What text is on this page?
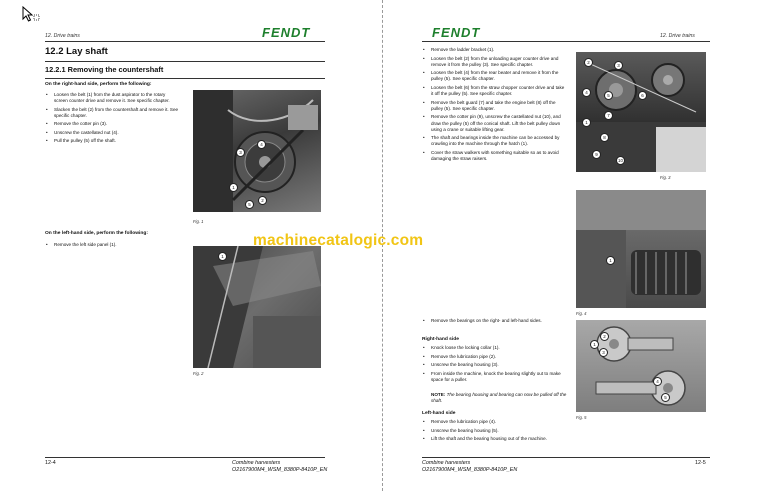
12. Drive trains	FENDT
12.2 Lay shaft
12.2.1 Removing the countershaft
On the right-hand side, perform the following:
• Loosen the belt (1) from the dust aspirator to the rotary screen counter drive and remove it. See specific chapter.
• Slacken the belt (2) from the countershaft and remove it. See specific chapter.
• Remove the cotter pin (3).
• Unscrew the castellated nut (4).
• Pull the pulley (5) off the shaft.
3
4
1
5
2
Fig. 1
On the left-hand side, perform the following:
• Remove the left side panel (1).
1
Fig. 2
12-4	Combine harvesters
O2167900M4_WSM_8380P-8410P_EN
FENDT	12. Drive trains
• Remove the ladder bracket (1).
• Loosen the belt (2) from the unloading auger counter drive and remove it from the pulley (3). See specific chapter.
• Loosen the belt (4) from the rear beater and remove it from the pulley (5). See specific chapter.
• Loosen the belt (6) from the straw chopper counter drive and take it off the pulley (5). See specific chapter.
• Remove the belt guard (7) and take the engine belt (8) off the pulley (5). See specific chapter.
• Remove the cotter pin (9), unscrew the castellated nut (10), and draw the pulley (5) off the conical shaft. Lift the belt pulley down using a crane or suitable lifting gear.
• The shaft and bearings inside the machine can be accessed by crawling into the machine through the hatch (1).
• Cover the straw walkers with something suitable so as to avoid damaging the straw raisers.
2
3
4
5	6
1
7
8
9
10
Fig. 3
1
Fig. 4
• Remove the bearings on the right- and left-hand sides.
Right-hand side
• Knock loose the locking collar (1).
• Remove the lubrication pipe (2).
• Unscrew the bearing housing (3).
• From inside the machine, knock the bearing slightly out to make space for a puller.
NOTE: The bearing housing and bearing can now be pulled off the shaft.
Left-hand side
• Remove the lubrication pipe (4).
• Unscrew the bearing housing (5).
• Lift the shaft and the bearing housing out of the machine.
1
2
3
4
5
Fig. 5
Combine harvesters
O2167900M4_WSM_8380P-8410P_EN
12-5
machinecatalogic.com
